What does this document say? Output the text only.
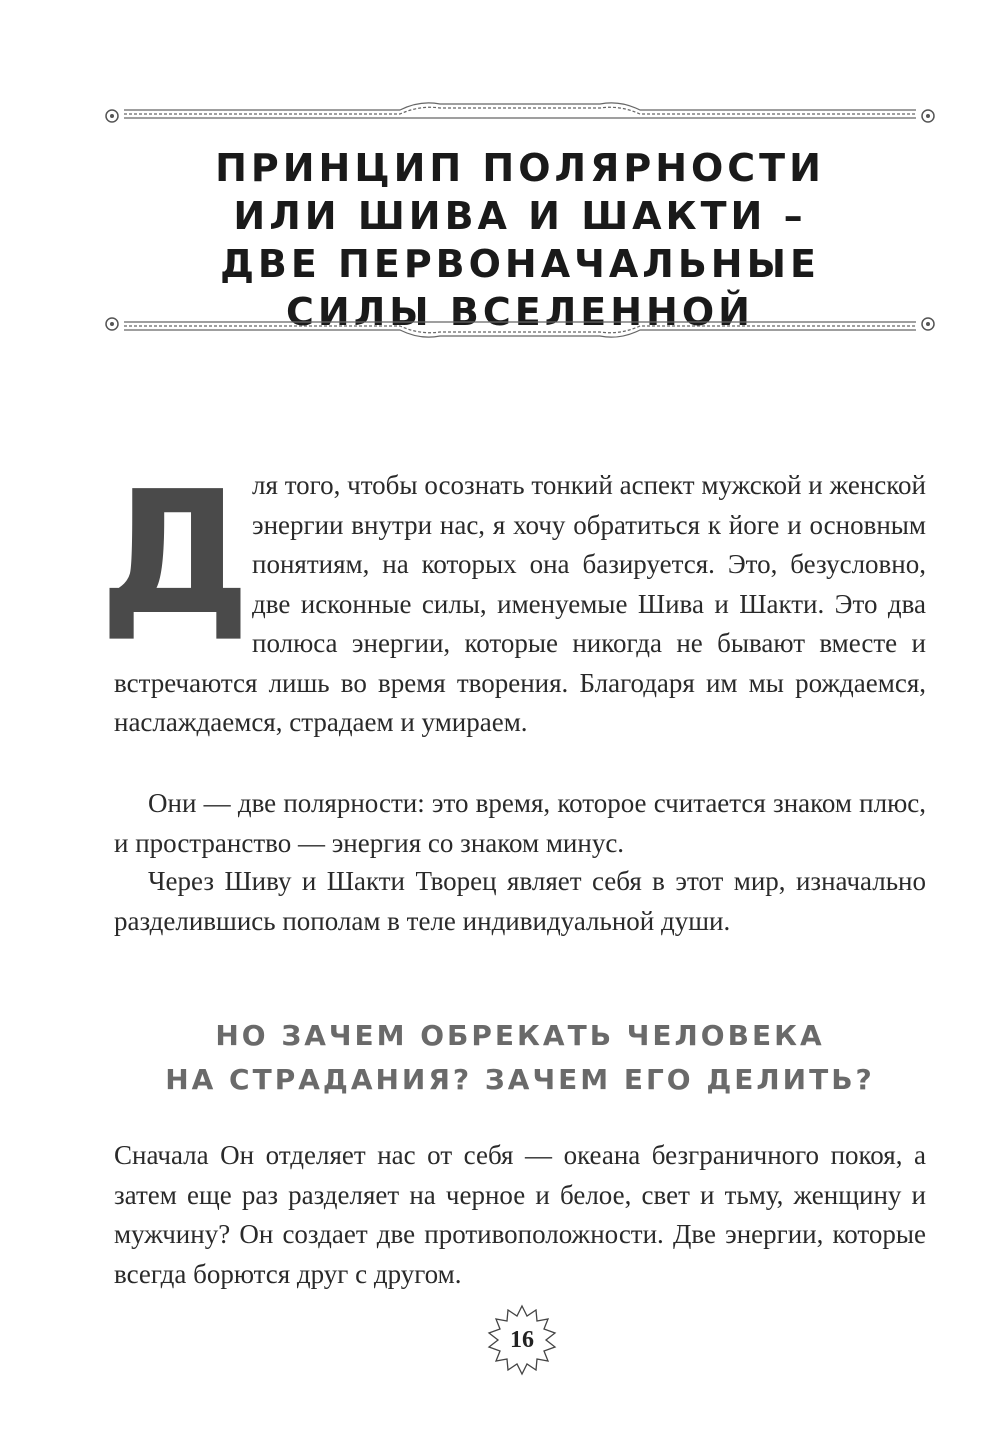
ПРИНЦИП ПОЛЯРНОСТИ
ИЛИ ШИВА И ШАКТИ –
ДВЕ ПЕРВОНАЧАЛЬНЫЕ
СИЛЫ ВСЕЛЕННОЙ

Д ля того, чтобы осознать тонкий аспект мужской и женской энергии внутри нас, я хочу обратиться к йоге и основным понятиям, на которых она базируется. Это, безусловно, две исконные силы, именуемые Шива и Шакти. Это два полюса энергии, которые никогда не бывают вместе и встречаются лишь во время творения. Благодаря им мы рождаемся, наслаждаемся, страдаем и умираем.

Они — две полярности: это время, которое считается знаком плюс, и пространство — энергия со знаком минус.

Через Шиву и Шакти Творец являет себя в этот мир, изначально разделившись пополам в теле индивидуальной души.

НО ЗАЧЕМ ОБРЕКАТЬ ЧЕЛОВЕКА
НА СТРАДАНИЯ? ЗАЧЕМ ЕГО ДЕЛИТЬ?

Сначала Он отделяет нас от себя — океана безграничного покоя, а затем еще раз разделяет на черное и белое, свет и тьму, женщину и мужчину? Он создает две противоположности. Две энергии, которые всегда борются друг с другом.

16
